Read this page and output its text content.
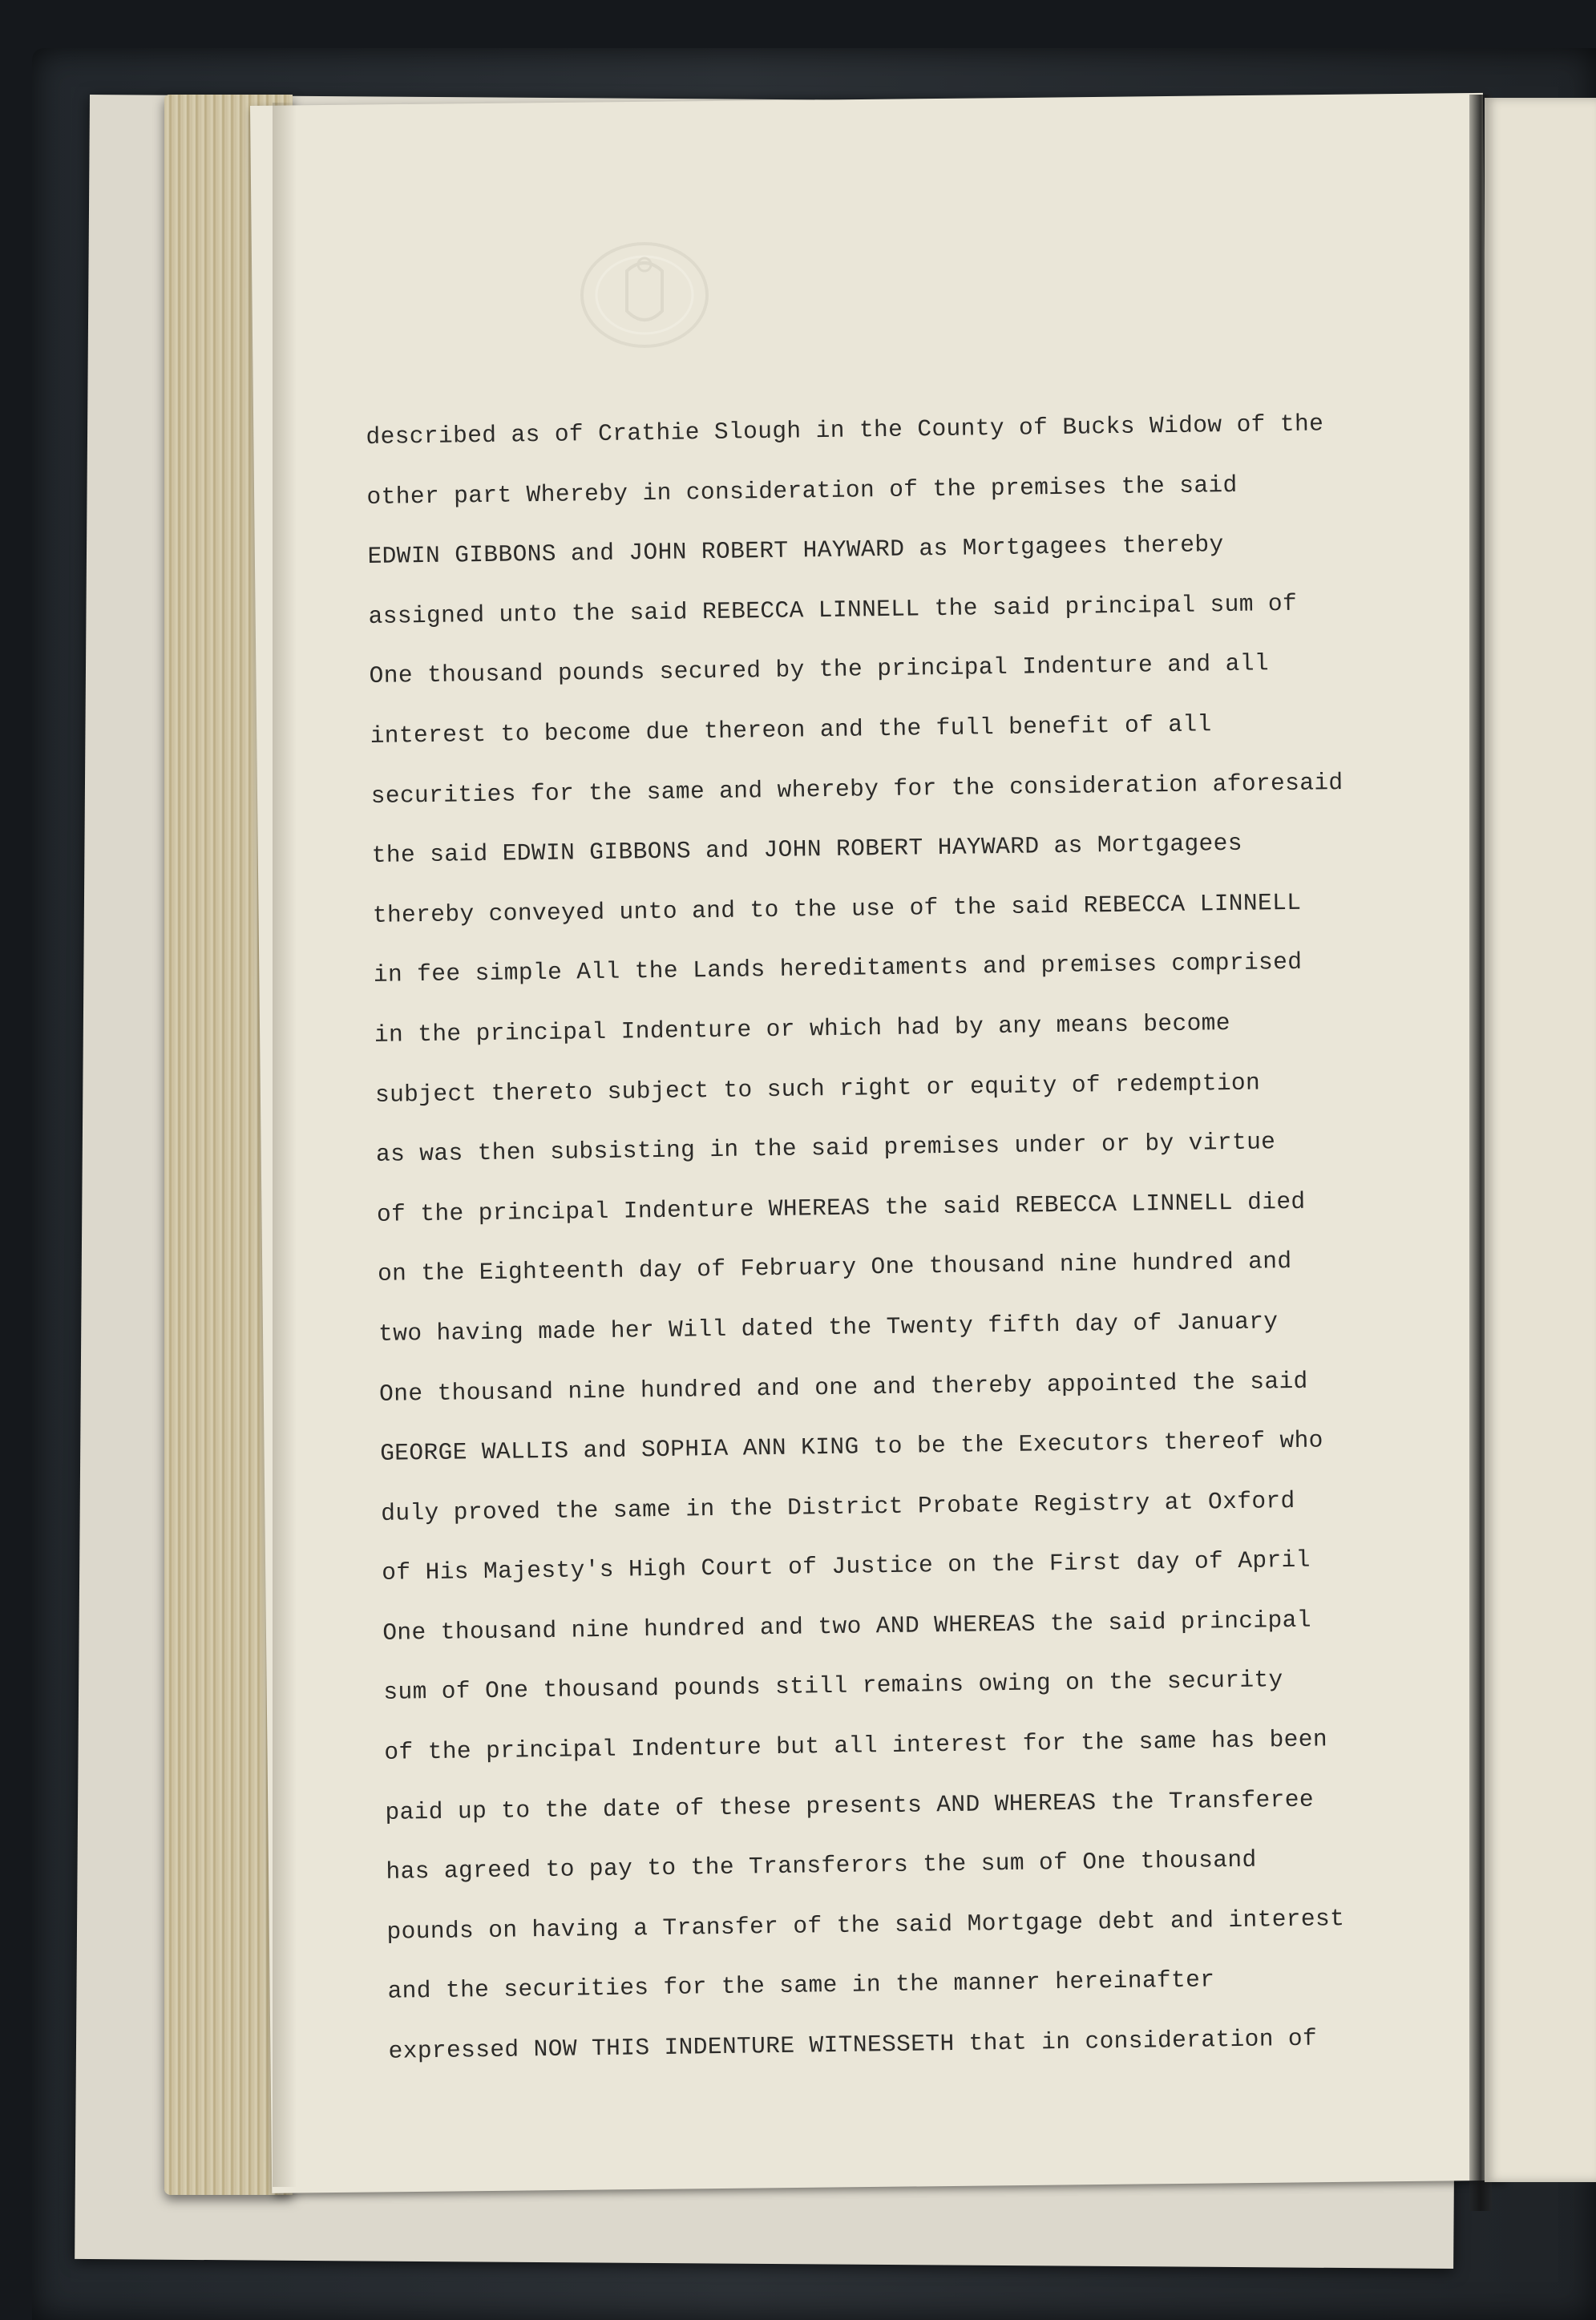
described as of Crathie Slough in the County of Bucks Widow of the
other part Whereby in consideration of the premises the said
EDWIN GIBBONS and JOHN ROBERT HAYWARD as Mortgagees thereby
assigned unto the said REBECCA LINNELL the said principal sum of
One thousand pounds secured by the principal Indenture and all
interest to become due thereon and the full benefit of all
securities for the same and whereby for the consideration aforesaid
the said EDWIN GIBBONS and JOHN ROBERT HAYWARD as Mortgagees
thereby conveyed unto and to the use of the said REBECCA LINNELL
in fee simple All the Lands hereditaments and premises comprised
in the principal Indenture or which had by any means become
subject thereto subject to such right or equity of redemption
as was then subsisting in the said premises under or by virtue
of the principal Indenture WHEREAS the said REBECCA LINNELL died
on the Eighteenth day of February One thousand nine hundred and
two having made her Will dated the Twenty fifth day of January
One thousand nine hundred and one and thereby appointed the said
GEORGE WALLIS and SOPHIA ANN KING to be the Executors thereof who
duly proved the same in the District Probate Registry at Oxford
of His Majesty's High Court of Justice on the First day of April
One thousand nine hundred and two AND WHEREAS the said principal
sum of One thousand pounds still remains owing on the security
of the principal Indenture but all interest for the same has been
paid up to the date of these presents AND WHEREAS the Transferee
has agreed to pay to the Transferors the sum of One thousand
pounds on having a Transfer of the said Mortgage debt and interest
and the securities for the same in the manner hereinafter
expressed NOW THIS INDENTURE WITNESSETH that in consideration of
